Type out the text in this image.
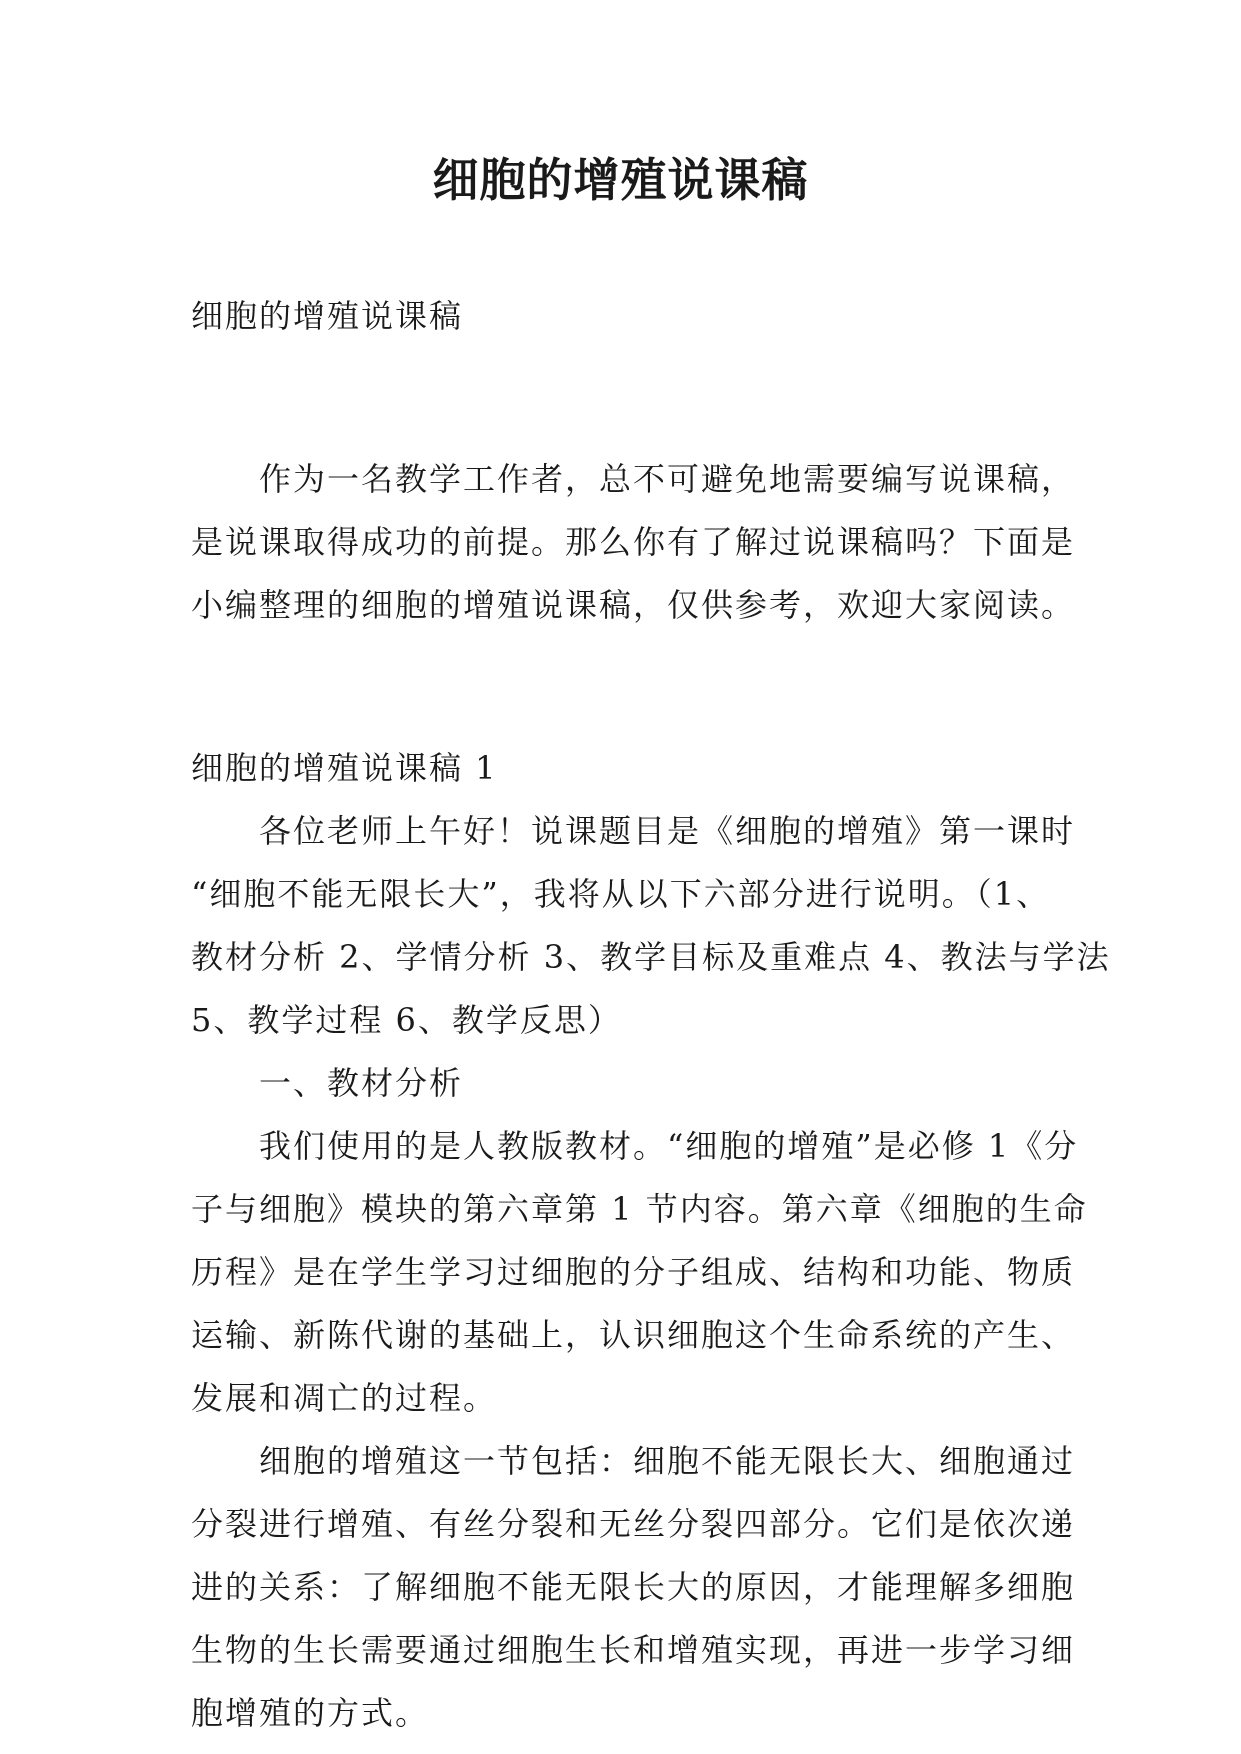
细胞的增殖说课稿
细胞的增殖说课稿
　　作为一名教学工作者，总不可避免地需要编写说课稿，
是说课取得成功的前提。那么你有了解过说课稿吗？下面是
小编整理的细胞的增殖说课稿，仅供参考，欢迎大家阅读。
细胞的增殖说课稿 1
　　各位老师上午好！说课题目是《细胞的增殖》第一课时
“细胞不能无限长大”，我将从以下六部分进行说明。（1、
教材分析 2、学情分析 3、教学目标及重难点 4、教法与学法
5、教学过程 6、教学反思）
　　一、教材分析
　　我们使用的是人教版教材。“细胞的增殖”是必修 1《分
子与细胞》模块的第六章第 1 节内容。第六章《细胞的生命
历程》是在学生学习过细胞的分子组成、结构和功能、物质
运输、新陈代谢的基础上，认识细胞这个生命系统的产生、
发展和凋亡的过程。
　　细胞的增殖这一节包括：细胞不能无限长大、细胞通过
分裂进行增殖、有丝分裂和无丝分裂四部分。它们是依次递
进的关系：了解细胞不能无限长大的原因，才能理解多细胞
生物的生长需要通过细胞生长和增殖实现，再进一步学习细
胞增殖的方式。
